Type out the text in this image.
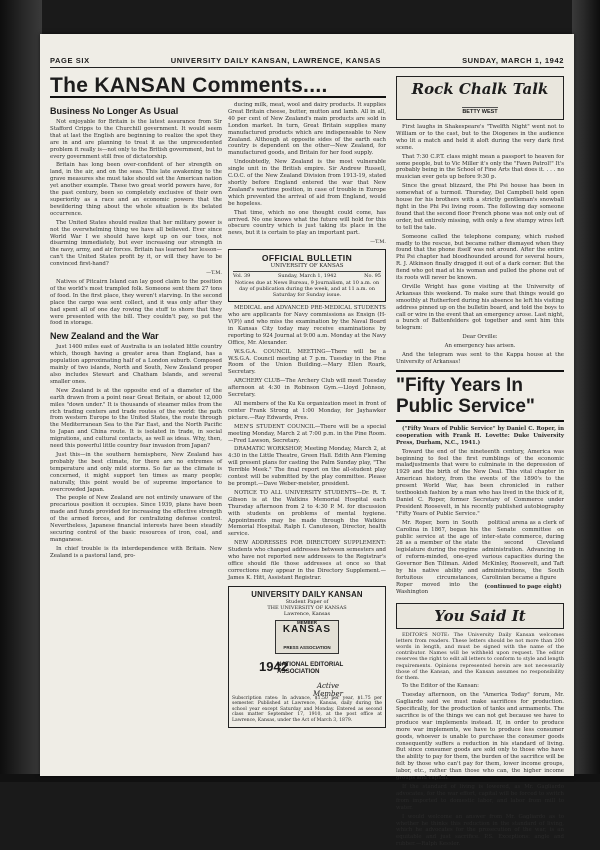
PAGE SIX	UNIVERSITY DAILY KANSAN, LAWRENCE, KANSAS	SUNDAY, MARCH 1, 1942
The KANSAN Comments....
Business No Longer As Usual

Not enjoyable for Britain is the latest assurance from Sir Stafford Cripps to the Churchill government. It would seem that at last the English are beginning to realize the spot they are in and are planning to treat it as the unprecedented problem it really is—not only to the British government, but to every government still free of dictatorship.

Britain has long been over-confident of her strength on land, in the air, and on the seas. This late awakening to the grave measures she must take should set the American nation yet another example. These two great world powers have, for the past century, been so completely exclusive of their own superiority as a race and an economic powers that the bewildering thing about the whole situation is its belated occurrence.

The United States should realize that her military power is not the overwhelming thing we have all believed. Ever since World War I we should have kept up on our toes, not disarming immediately, but ever increasing our strength in the navy, army, and air forces. Britain has learned her lesson—can't the United States profit by it, or will they have to be convinced first-hand?

—T.M.

Natives of Pitcairn Island can lay good claim to the position of the world's most trampled folk. Someone sent them 27 tons of food. In the first place, they weren't starving. In the second place the cargo was sent collect, and it was only after they had spent all of one day rowing the stuff to shore that they were presented with the bill. They couldn't pay, so put the food in storage.

New Zealand and the War

Just 1400 miles east of Australia is an isolated little country which, though having a greater area than England, has a population approximating half of a London suburb. Composed mainly of two islands, North and South, New Zealand proper also includes Stewart and Chatham Islands, and several smaller ones.

New Zealand is at the opposite end of a diameter of the earth drawn from a point near Great Britain, or about 12,000 miles "down under." It is thousands of steamer miles from the rich trading centers and trade routes of the world: the path from western Europe to the United States, the route through the Mediterranean Sea to the Far East, and the North Pacific to Japan and China route. It is isolated in trade, in social migrations, and cultural contacts, as well as ideas. Why, then, need this powerful little country fear invasion from Japan?

Just this—in the southern hemisphere, New Zealand has probably the best climate, for there are no extremes of temperature and only mild storms. So far as the climate is concerned, it might support ten times as many people; naturally, this point would be of supreme importance to overcrowded Japan.

The people of New Zealand are not entirely unaware of the precarious position it occupies. Since 1939, plans have been made and funds provided for increasing the effective strength of the armed forces, and for centralizing defense control. Nevertheless, Japanese financial interests have been steadily securing control of the basic resources of iron, coal, and manganese.

In chief trouble is its interdependence with Britain. New Zealand is a pastoral land, pro-

ducing milk, meat, wool and dairy products. It supplies Great Britain cheese, butter, mutton and lamb. All in all, 40 per cent of New Zealand's main products are sold in London market. In turn, Great Britain supplies many manufactured products which are indispensable to New Zealand. Although at opposite sides of the earth each country is dependent on the other—New Zealand, for manufactured goods, and Britain for her food supply.

Undoubtedly, New Zealand is the most vulnerable single unit in the British empire. Sir Andrew Russell, C.O.C. of the New Zealand Division from 1913-19, stated shortly before England entered the war that New Zealand's wartime position, in case of trouble in Europe which prevented the arrival of aid from England, would be hopeless.

That time, which no one thought could come, has arrived. No one knows what the future will hold for this obscure country which is just taking its place in the news, but it is certain to play an important part.

—T.M.
OFFICIAL BULLETIN
UNIVERSITY OF KANSAS
Vol. 39	Sunday, March 1, 1942	No. 95
Notices due at News Bureau, 9 Journalism, at 10 a.m. on day of publication during the week, and at 11 a.m. on Saturday for Sunday issue.

MEDICAL and ADVANCED PRE-MEDICAL STUDENTS who are applicants for Navy commissions as Ensign (H-V(P)) and who miss the examination by the Naval Board in Kansas City today may receive examinations by reporting to 924 Journal at 9:00 a.m. Monday at the Navy Office, Mr. Alexander.

W.S.G.A. COUNCIL MEETING—There will be a W.S.G.A. Council meeting at 7 p.m. Tuesday in the Pine Room of the Union Building.—Mary Ellen Roark, Secretary.

ARCHERY CLUB—The Archery Club will meet Tuesday afternoon at 4:30 in Robinson Gym.—Lloyd Johnson, Secretary.

All members of the Ku Ku organization meet in front of center Frank Strong at 1:00 Monday, for Jayhawker picture.—Ray Edwards, Pres.

MEN'S STUDENT COUNCIL—There will be a special meeting Monday, March 2 at 7:00 p.m. in the Pine Room.—Fred Lawson, Secretary.

DRAMATIC WORKSHOP, Meeting Monday, March 2, at 4:30 in the Little Theatre, Green Hall. Edith Ann Fleming will present plans for casting the Palm Sunday play, "The Terrible Meek." The final report on the all-student play contest will be submitted by the play committee. Please be prompt.—Dave Weber-meister, president.

NOTICE TO ALL UNIVERSITY STUDENTS—Dr. R. T. Gibson is at the Watkins Memorial Hospital each Thursday afternoon from 2 to 4:30 P. M. for discussion with students on problems of mental hygiene. Appointments may be made through the Watkins Memorial Hospital. Ralph I. Canuteson, Director, health service.

NEW ADDRESSES FOR DIRECTORY SUPPLEMENT: Students who changed addresses between semesters and who have not reported new addresses to the Registrar's office should file those addresses at once so that corrections may appear in the Directory Supplement.—James K. Hitt, Assistant Registrar.

UNIVERSITY DAILY KANSAN
Student Paper of
THE UNIVERSITY OF KANSAS
Lawrence, Kansas
MEMBER
KANSAS
PRESS ASSOCIATION
1942
NATIONAL EDITORIAL ASSOCIATION
Active Member
Subscription rates: In advance, $1.50 per year, $1.75 per semester. Published at Lawrence, Kansas, daily during the school year except Saturday and Monday. Entered as second class matter September 17, 1910, at the post office at Lawrence, Kansas, under the Act of March 3, 1879.
Rock Chalk Talk
BETTY WEST

First laughs in Shakespeare's "Twelfth Night" went not to William or to the cast, but to the Diogenes in the audience who lit a match and held it aloft during the very dark first scene.

That 7:30 C.P.T. class might mean a passport to heaven for some people, but to Vic Miller it's only the "Fawn Patrol!" It's probably being in the School of Fine Arts that does it. . . . no musician ever gets up before 9:30 p.

Since the great blizzard, the Phi Psi house has been in somewhat of a turmoil. Thursday, Del Campbell held open house for his brothers with a strictly gentleman's snowball fight in the Phi Psi living room. The following day someone found that the second floor French phone was not only out of order, but entirely missing, with only a few stumpy wires left to tell the tale.

Someone called the telephone company, which rushed madly to the rescue, but became rather dismayed when they found that the phone itself was not around. After the entire Phi Psi chapter had bloodhounded around for several hours, R. J. Atkinson finally dragged it out of a dark corner. But the fiend who got mad at his woman and pulled the phone out of its roots will never be known.

Orville Wright has gone visiting at the University of Arkansas this weekend. To make sure that things would go smoothly at Rutherford during his absence he left his visiting address pinned up on the bulletin board, and told the boys to call or wire in the event that an emergency arose. Last night, a bunch of Battenfelders got together and sent him this telegram:

Dear Orville:

An emergency has arisen.

And the telegram was sent to the Kappa house at the University of Arkansas!

"Fifty Years In Public Service"

("Fifty Years of Public Service" by Daniel C. Roper, in cooperation with Frank H. Lovette: Duke University Press, Durham, N.C., 1941.)

Toward the end of the nineteenth century, America was beginning to feel the first rumblings of the economic maladjustments that were to culminate in the depression of 1929 and the birth of the New Deal. This vital chapter in American history, from the events of the 1890's to the present World War, has been chronicled in rather textbookish fashion by a man who has lived in the thick of it, Daniel C. Roper, former Secretary of Commerce under President Roosevelt, in his recently published autobiography "Fifty Years of Public Service."

Mr. Roper, born in South Carolina in 1867, began his public service at the age of 28 as a member of the state legislature during the regime of reform-minded, one-eyed Governor Ben Tillman. Aided by his native ability and fortuitous circumstances, Roper moved into the Washington

political arena as a clerk of the Senate committee on inter-state commerce, during the second Cleveland administration. Advancing in various capacities during the McKinley, Roosevelt, and Taft administrations, the South Carolinian became a figure

(continued to page eight)

You Said It

EDITOR'S NOTE: The University Daily Kansan welcomes letters from readers. These letters should be not more than 200 words in length, and must be signed with the name of the contributor. Names will be withheld upon request. The editor reserves the right to edit all letters to conform to style and length requirements. Opinions represented herein are not necessarily those of the Kansan, and the Kansan assumes no responsibility for them.

To the Editor of the Kansan:

Tuesday afternoon, on the "America Today" forum, Mr. Gagliardo said we must make sacrifices for production. Specifically, for the production of tanks and armaments. The sacrifice is of the things we can not get because we have to produce war implements instead. If, in order to produce more war implements, we have to produce less consumer goods, whoever is unable to purchase the consumer goods consequently suffers a reduction in his standard of living. But since consumer goods are sold only to those who have the ability to pay for them, the burden of the sacrifice will be felt by those who can't pay for them, lower income groups, labor, etc., rather than those who can, the higher income groups and capital.

If the standard of living is lowered, as Mr. Gagliardo advocates, for the war effort, capital will be forced to switch from imported to domestic labor, and labor from mill to water.

I would welcome an answer from Mr. Gagliardo as to whether he thinks this reduction in the standard of living, which he advocates for the prosecution of the war, is an equitable and just sacrifice. P.S. Exceptions: angle and rubber.—Ralph Kessler.
